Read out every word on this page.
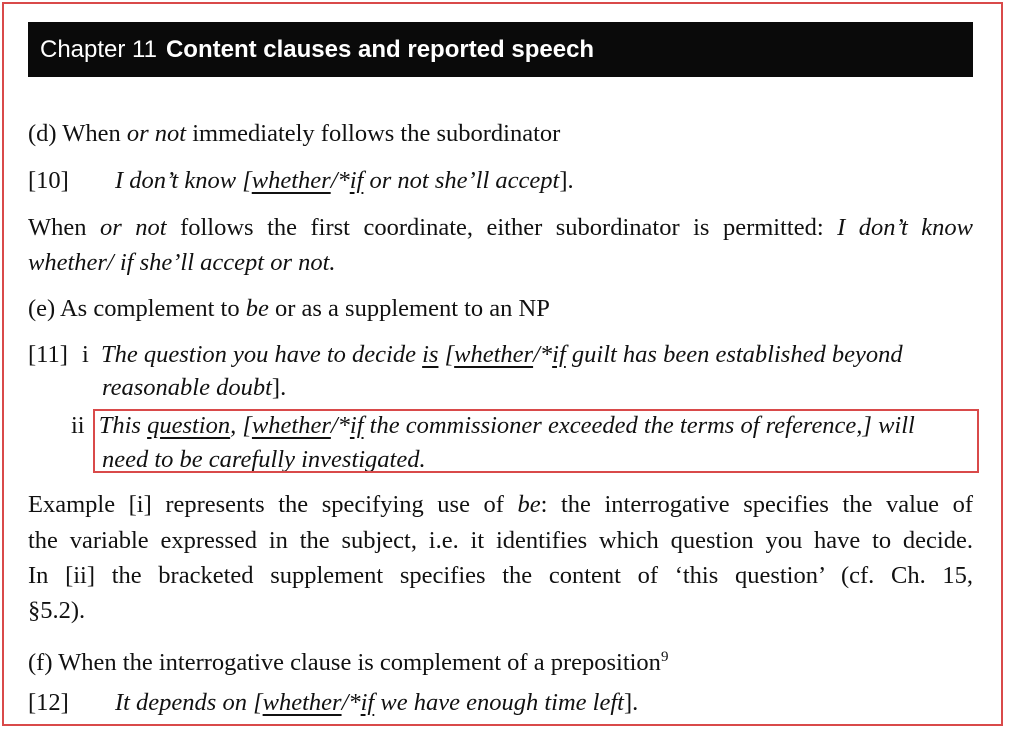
Chapter 11 Content clauses and reported speech
(d) When or not immediately follows the subordinator
[10] I don’t know [whether/*if or not she’ll accept].
When or not follows the first coordinate, either subordinator is permitted: I don’t know
whether/ if she’ll accept or not.
(e) As complement to be or as a supplement to an NP
[11] i The question you have to decide is [whether/*if guilt has been established beyond
reasonable doubt].
ii This question, [whether/*if the commissioner exceeded the terms of reference,] will
need to be carefully investigated.
Example [i] represents the specifying use of be: the interrogative specifies the value of
the variable expressed in the subject, i.e. it identifies which question you have to decide.
In [ii] the bracketed supplement specifies the content of ‘this question’ (cf. Ch. 15,
§5.2).
(f) When the interrogative clause is complement of a preposition$^9$
[12] It depends on [whether/*if we have enough time left].
